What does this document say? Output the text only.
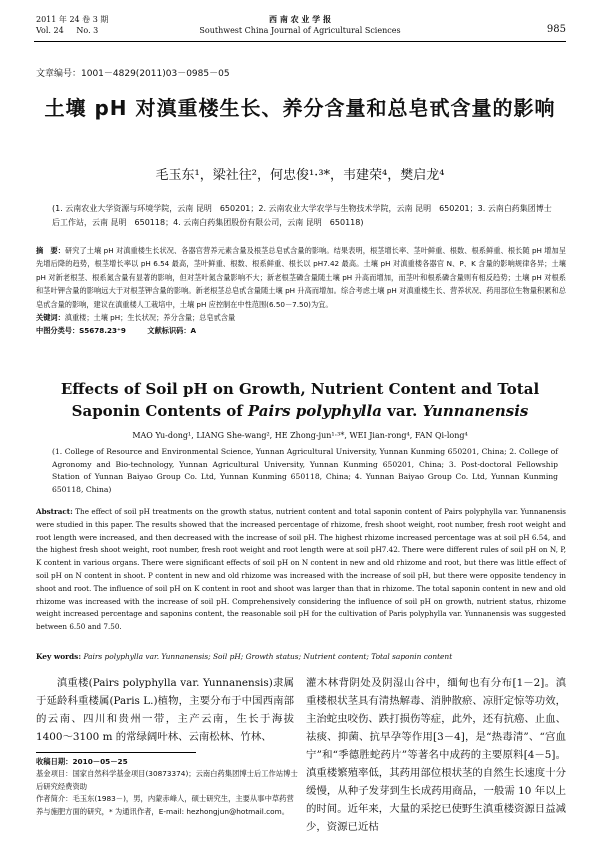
2011 年 24 卷 3 期
Vol. 24     No. 3
西 南 农 业 学 报
Southwest China Journal of Agricultural Sciences	985
文章编号：1001－4829(2011)03－0985－05
土壤 pH 对滇重楼生长、养分含量和总皂甙含量的影响
毛玉东¹，梁社往²，何忠俊¹·³*，韦建荣⁴，樊启龙⁴
(1. 云南农业大学资源与环境学院，云南 昆明　650201；2. 云南农业大学农学与生物技术学院，云南 昆明　650201；3. 云南白药集团博士后工作站，云南 昆明　650118；4. 云南白药集团股份有限公司，云南 昆明　650118)
摘　要：研究了土壤 pH 对滇重楼生长状况、各器官营养元素含量及根茎总皂甙含量的影响。结果表明，根茎增长率、茎叶鲜重、根数、根系鲜重、根长随 pH 增加呈先增后降的趋势，根茎增长率以 pH 6.54 最高，茎叶鲜重、根数、根系鲜重、根长以 pH7.42 最高。土壤 pH 对滇重楼各器官 N、P、K 含量的影响规律各异；土壤 pH 对新老根茎、根系氮含量有显著的影响，但对茎叶氮含量影响不大；新老根茎磷含量随土壤 pH 升高而增加，而茎叶和根系磷含量则有相反趋势；土壤 pH 对根系和茎叶钾含量的影响远大于对根茎钾含量的影响。新老根茎总皂甙含量随土壤 pH 升高而增加。综合考虑土壤 pH 对滇重楼生长、营养状况、药用部位生物量积累和总皂甙含量的影响，建议在滇重楼人工栽培中，土壤 pH 应控制在中性范围(6.50－7.50)为宜。
关键词：滇重楼；土壤 pH；生长状况；养分含量；总皂甙含量
中图分类号：S5678.23⁺9　　　文献标识码：A
Effects of Soil pH on Growth, Nutrient Content and Total
Saponin Contents of Pairs polyphylla var. Yunnanensis
MAO Yu-dong¹, LIANG She-wang², HE Zhong-jun¹·³*, WEI Jian-rong⁴, FAN Qi-long⁴
(1. College of Resource and Environmental Science, Yunnan Agricultural University, Yunnan Kunming 650201, China; 2. College of Agronomy and Bio-technology, Yunnan Agricultural University, Yunnan Kunming 650201, China; 3. Post-doctoral Fellowship Station of Yunnan Baiyao Group Co. Ltd, Yunnan Kunming 650118, China; 4. Yunnan Baiyao Group Co. Ltd, Yunnan Kunming 650118, China)
Abstract: The effect of soil pH treatments on the growth status, nutrient content and total saponin content of Pairs polyphylla var. Yunnanensis were studied in this paper. The results showed that the increased percentage of rhizome, fresh shoot weight, root number, fresh root weight and root length were increased, and then decreased with the increase of soil pH. The highest rhizome increased percentage was at soil pH 6.54, and the highest fresh shoot weight, root number, fresh root weight and root length were at soil pH7.42. There were different rules of soil pH on N, P, K content in various organs. There were significant effects of soil pH on N content in new and old rhizome and root, but there was little effect of soil pH on N content in shoot. P content in new and old rhizome was increased with the increase of soil pH, but there were opposite tendency in shoot and root. The influence of soil pH on K content in root and shoot was larger than that in rhizome. The total saponin content in new and old rhizome was increased with the increase of soil pH. Comprehensively considering the influence of soil pH on growth, nutrient status, rhizome weight increased percentage and saponins content, the reasonable soil pH for the cultivation of Paris polyphylla var. Yunnanensis was suggested between 6.50 and 7.50.
Key words: Pairs polyphylla var. Yunnanensis; Soil pH; Growth status; Nutrient content; Total saponin content
滇重楼(Pairs polyphylla var. Yunnanensis)隶属于延龄科重楼属(Paris L.)植物，主要分布于中国西南部的云南、四川和贵州一带，主产云南，生长于海拔 1400～3100 m 的常绿阔叶林、云南松林、竹林、
灌木林背阴处及阴湿山谷中，缅甸也有分布[1－2]。滇重楼根状茎具有清热解毒、消肿散瘀、凉肝定惊等功效，主治蛇虫咬伤、跌打损伤等症，此外，还有抗癌、止血、祛痰、抑菌、抗早孕等作用[3－4]，是“热毒清”、“宫血宁”和“季德胜蛇药片”等著名中成药的主要原料[4－5]。滇重楼繁殖率低，其药用部位根状茎的自然生长速度十分缓慢，从种子发芽到生长成药用商品，一般需 10 年以上的时间。近年来，大量的采挖已使野生滇重楼资源日益减少，资源已近枯
收稿日期：2010－05－25
基金项目：国家自然科学基金项目(30873374)；云南白药集团博士后工作站博士后研究经费资助
作者简介：毛玉东(1983－)，男，内蒙赤峰人，硕士研究生，主要从事中草药营养与施肥方面的研究，* 为通讯作者，E-mail: hezhongjun@hotmail.com。
